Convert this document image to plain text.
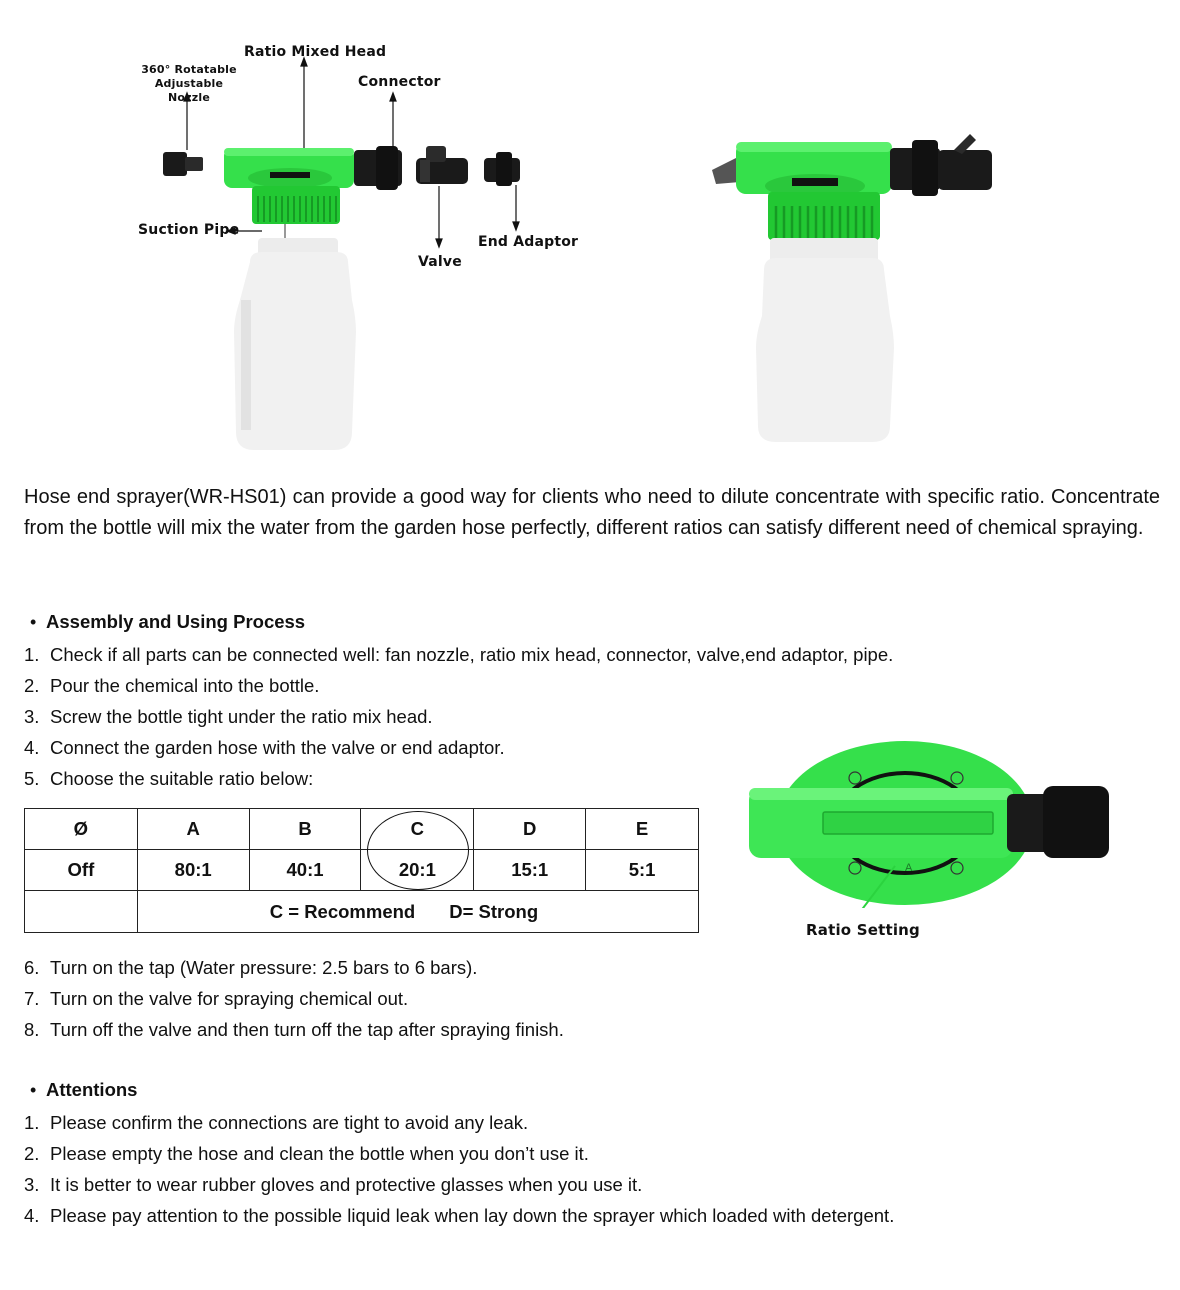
Ratio Mixed Head
360° Rotatable Adjustable Nozzle
Connector
Suction Pipe
End Adaptor
Valve

Hose end sprayer(WR-HS01) can provide a good way for clients who need to dilute concentrate with specific ratio. Concentrate from the bottle will mix the water from the garden hose perfectly, different ratios can satisfy different need of chemical spraying.

• Assembly and Using Process
1. Check if all parts can be connected well: fan nozzle, ratio mix head, connector, valve,end adaptor, pipe.
2. Pour the chemical into the bottle.
3. Screw the bottle tight under the ratio mix head.
4. Connect the garden hose with the valve or end adaptor.
5. Choose the suitable ratio below:
Ø	A	B	C	D	E
Off	80:1	40:1	20:1	15:1	5:1
	C = Recommend D= Strong				
A
Ratio Setting
6. Turn on the tap (Water pressure: 2.5 bars to 6 bars).
7. Turn on the valve for spraying chemical out.
8. Turn off the valve and then turn off the tap after spraying finish.
• Attentions
1. Please confirm the connections are tight to avoid any leak.
2. Please empty the hose and clean the bottle when you don’t use it.
3. It is better to wear rubber gloves and protective glasses when you use it.
4. Please pay attention to the possible liquid leak when lay down the sprayer which loaded with detergent.
